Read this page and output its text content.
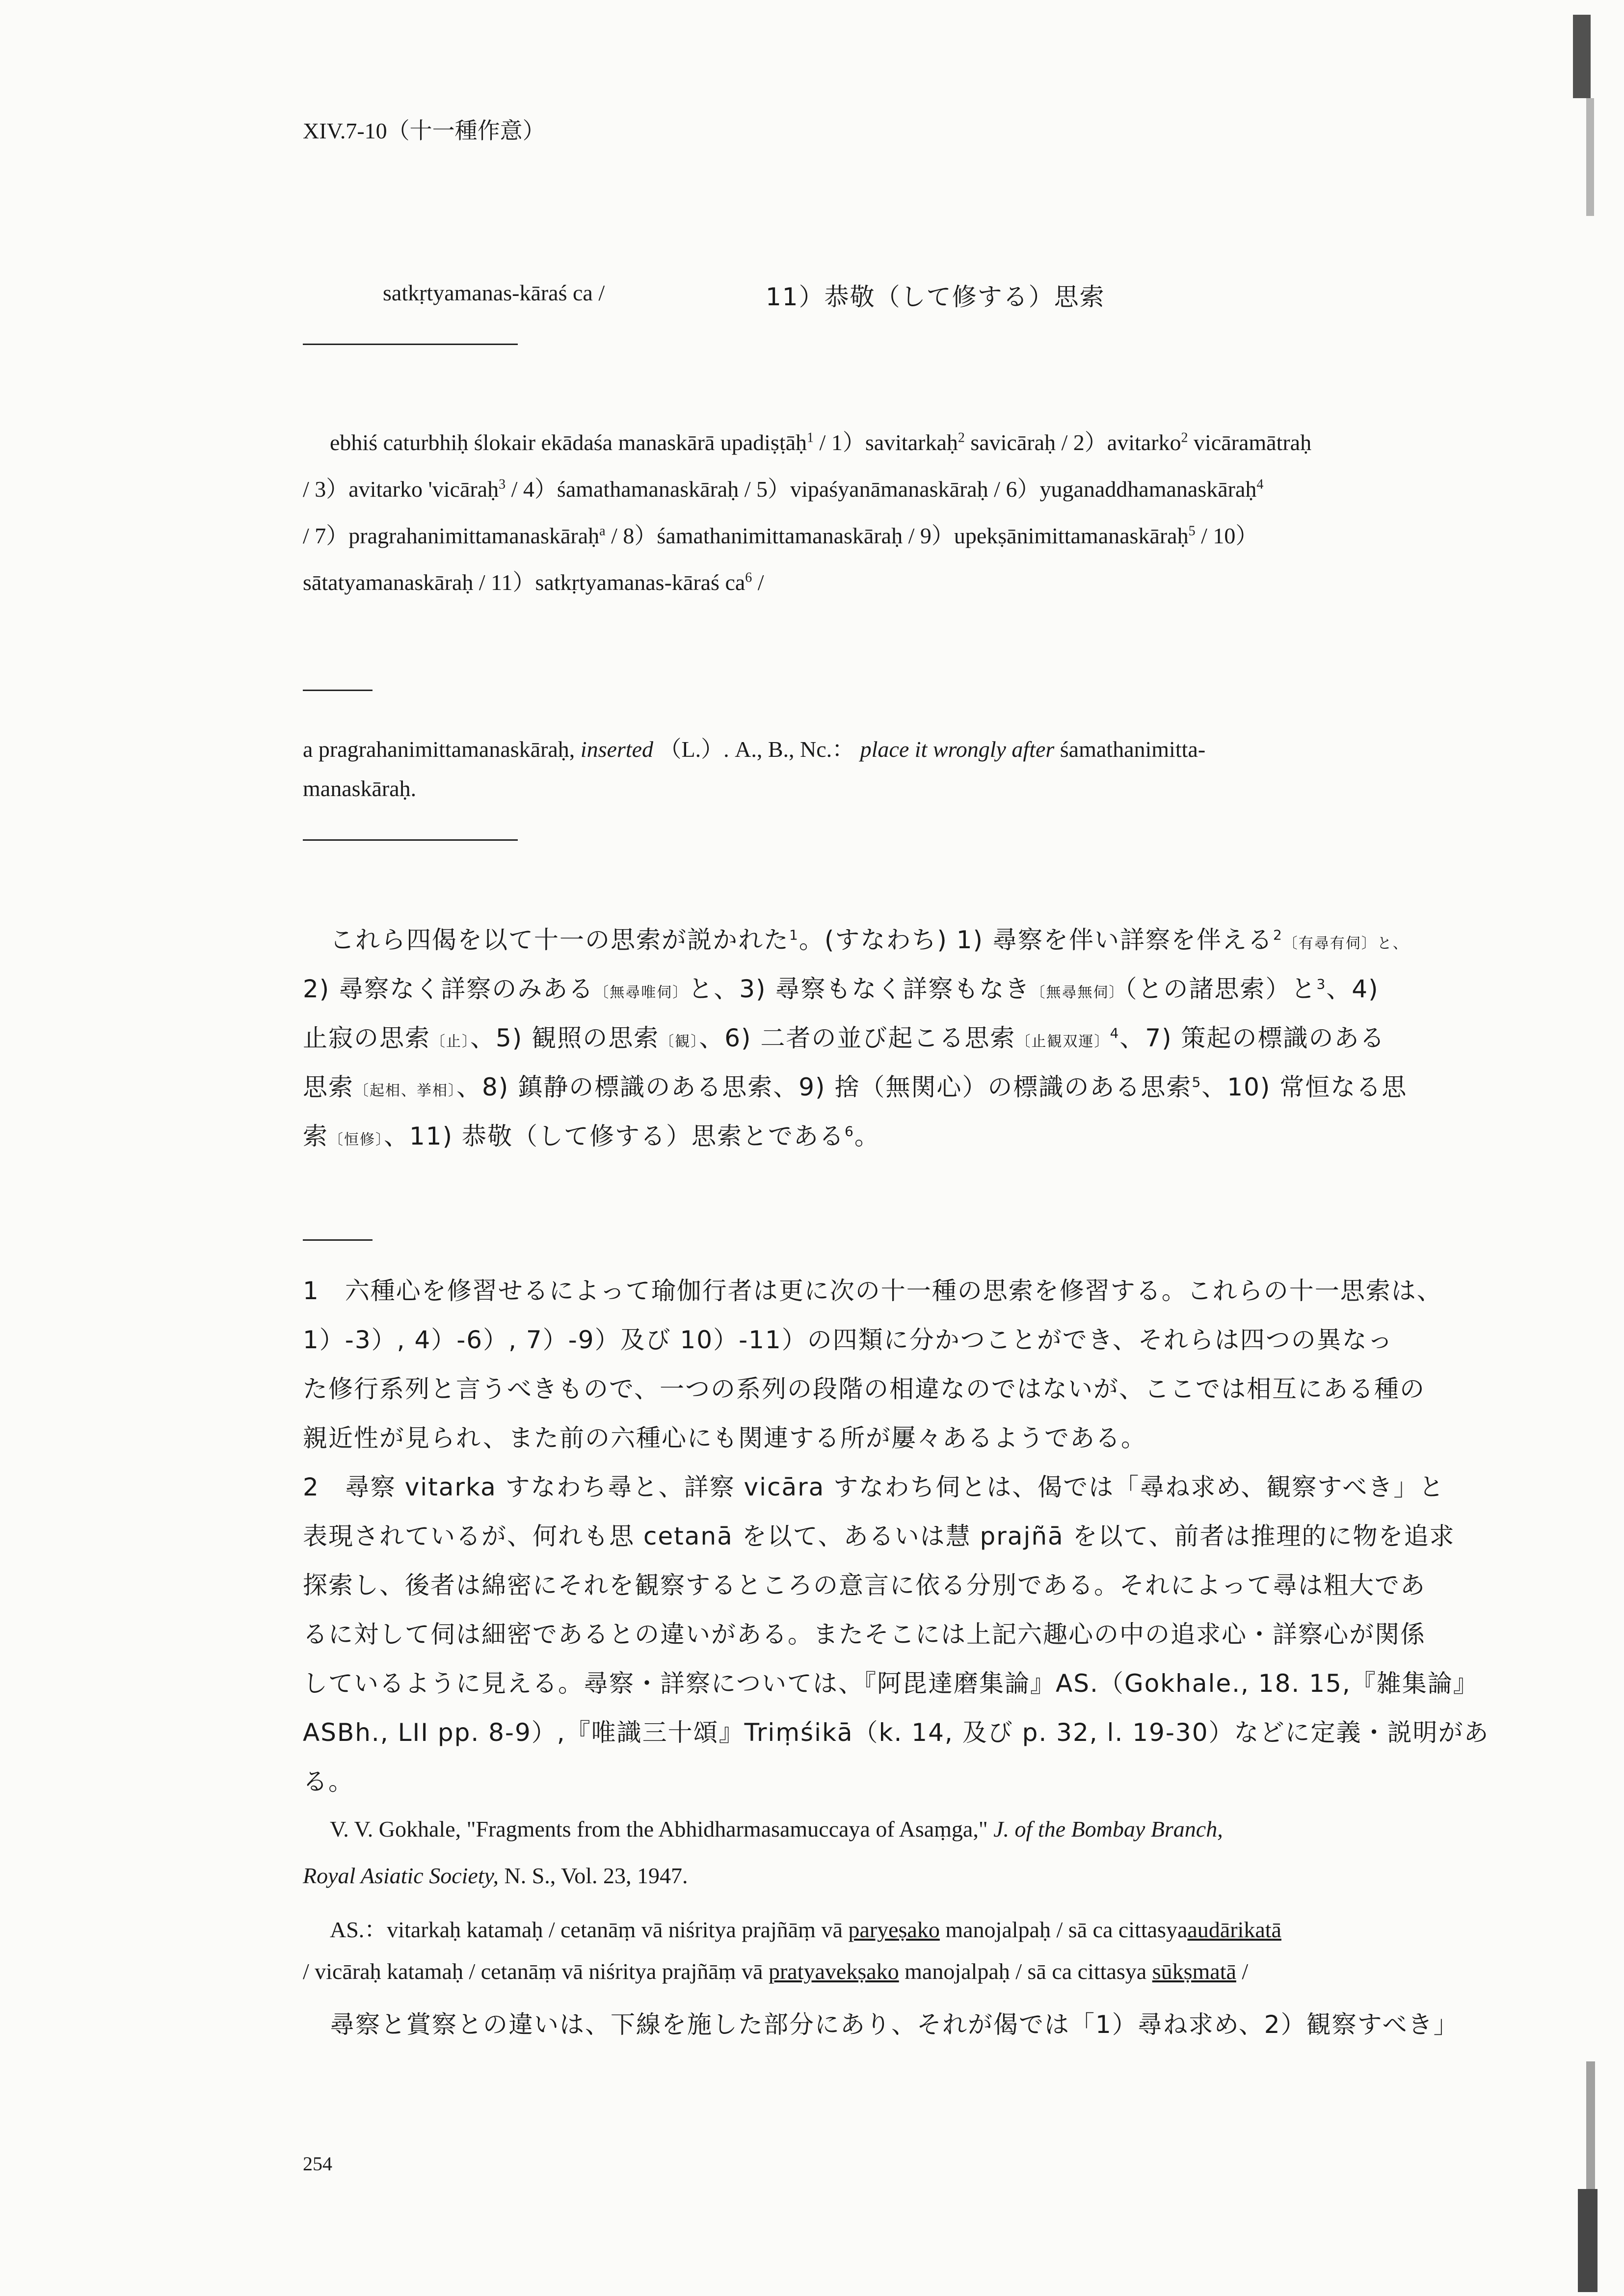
XIV.7-10（十一種作意）
satkṛtyamanas-kāraś ca /	11）恭敬（して修する）思索
ebhiś caturbhiḥ ślokair ekādaśa manaskārā upadiṣṭāḥ$^1$ / 1）savitarkaḥ$^2$ savicāraḥ / 2）avitarko$^2$ vicāramātraḥ
/ 3）avitarko 'vicāraḥ$^3$ / 4）śamathamanaskāraḥ / 5）vipaśyanāmanaskāraḥ / 6）yuganaddhamanaskāraḥ$^4$
/ 7）pragrahanimittamanaskāraḥ$^a$ / 8）śamathanimittamanaskāraḥ / 9）upekṣānimittamanaskāraḥ$^5$ / 10）
sātatyamanaskāraḥ / 11）satkṛtyamanas-kāraś $ca^6$ /
a pragrahanimittamanaskāraḥ, inserted （L.）. A., B., Nc.： place it wrongly after śamathanimitta-
manaskāraḥ.
これら四偈を以て十一の思索が説かれた$^1$。(すなわち) 1) 尋察を伴い詳察を伴える$^2$〔有尋有伺〕と、
2) 尋察なく詳察のみある〔無尋唯伺〕と、3) 尋察もなく詳察もなき〔無尋無伺〕（との諸思索）と$^3$、4)
止寂の思索〔止〕、5) 観照の思索〔観〕、6) 二者の並び起こる思索〔止観双運〕$^4$、7) 策起の標識のある
思索〔起相、挙相〕、8) 鎮静の標識のある思索、9) 捨（無関心）の標識のある思索$^5$、10) 常恒なる思
索〔恒修〕、11) 恭敬（して修する）思索とである$^6$。
1　六種心を修習せるによって瑜伽行者は更に次の十一種の思索を修習する。これらの十一思索は、
1）-3）, 4）-6）, 7）-9）及び 10）-11）の四類に分かつことができ、それらは四つの異なっ
た修行系列と言うべきもので、一つの系列の段階の相違なのではないが、ここでは相互にある種の
親近性が見られ、また前の六種心にも関連する所が屢々あるようである。
2　尋察 vitarka すなわち尋と、詳察 vicāra すなわち伺とは、偈では「尋ね求め、観察すべき」と
表現されているが、何れも思 cetanā を以て、あるいは慧 prajñā を以て、前者は推理的に物を追求
探索し、後者は綿密にそれを観察するところの意言に依る分別である。それによって尋は粗大であ
るに対して伺は細密であるとの違いがある。またそこには上記六趣心の中の追求心・詳察心が関係
しているように見える。尋察・詳察については、『阿毘達磨集論』AS.（Gokhale., 18. 15,『雑集論』
ASBh., LII pp. 8-9）,『唯識三十頌』Triṃśikā（k. 14, 及び p. 32, l. 19-30）などに定義・説明があ
る。
V. V. Gokhale, "Fragments from the Abhidharmasamuccaya of Asaṃga," J. of the Bombay Branch,
Royal Asiatic Society, N. S., Vol. 23, 1947.
AS.：vitarkaḥ katamaḥ / cetanāṃ vā niśritya prajñāṃ vā paryeṣako manojalpaḥ / sā ca cittasyaaudārikatā
/ vicāraḥ katamaḥ / cetanāṃ vā niśritya prajñāṃ vā pratyavekṣako manojalpaḥ / sā ca cittasya sūkṣmatā /
尋察と賞察との違いは、下線を施した部分にあり、それが偈では「1）尋ね求め、2）観察すべき」
254
